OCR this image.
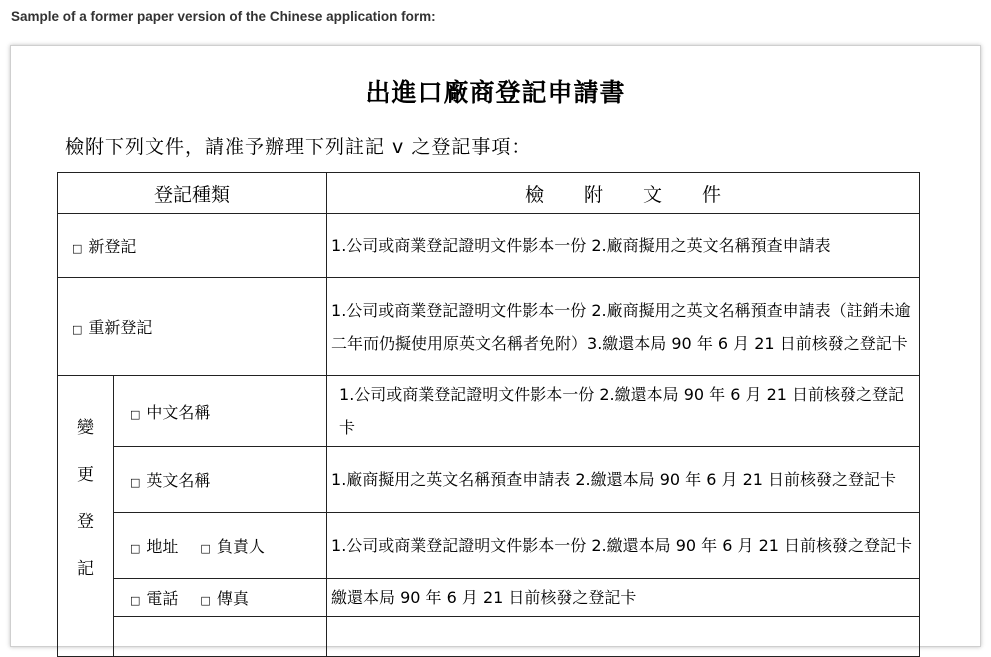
Sample of a former paper version of the Chinese application form:
出進口廠商登記申請書
檢附下列文件，請准予辦理下列註記 v 之登記事項：
登記種類		檢附文件
□ 新登記		1.公司或商業登記證明文件影本一份 2.廠商擬用之英文名稱預查申請表
□ 重新登記		1.公司或商業登記證明文件影本一份 2.廠商擬用之英文名稱預查申請表（註銷未逾二年而仍擬使用原英文名稱者免附）3.繳還本局 90 年 6 月 21 日前核發之登記卡

變
更
登
記	□ 中文名稱	1.公司或商業登記證明文件影本一份 2.繳還本局 90 年 6 月 21 日前核發之登記卡
	□ 英文名稱	1.廠商擬用之英文名稱預查申請表 2.繳還本局 90 年 6 月 21 日前核發之登記卡
	□ 地址 □ 負責人	1.公司或商業登記證明文件影本一份 2.繳還本局 90 年 6 月 21 日前核發之登記卡
	□ 電話 □ 傳真	繳還本局 90 年 6 月 21 日前核發之登記卡
